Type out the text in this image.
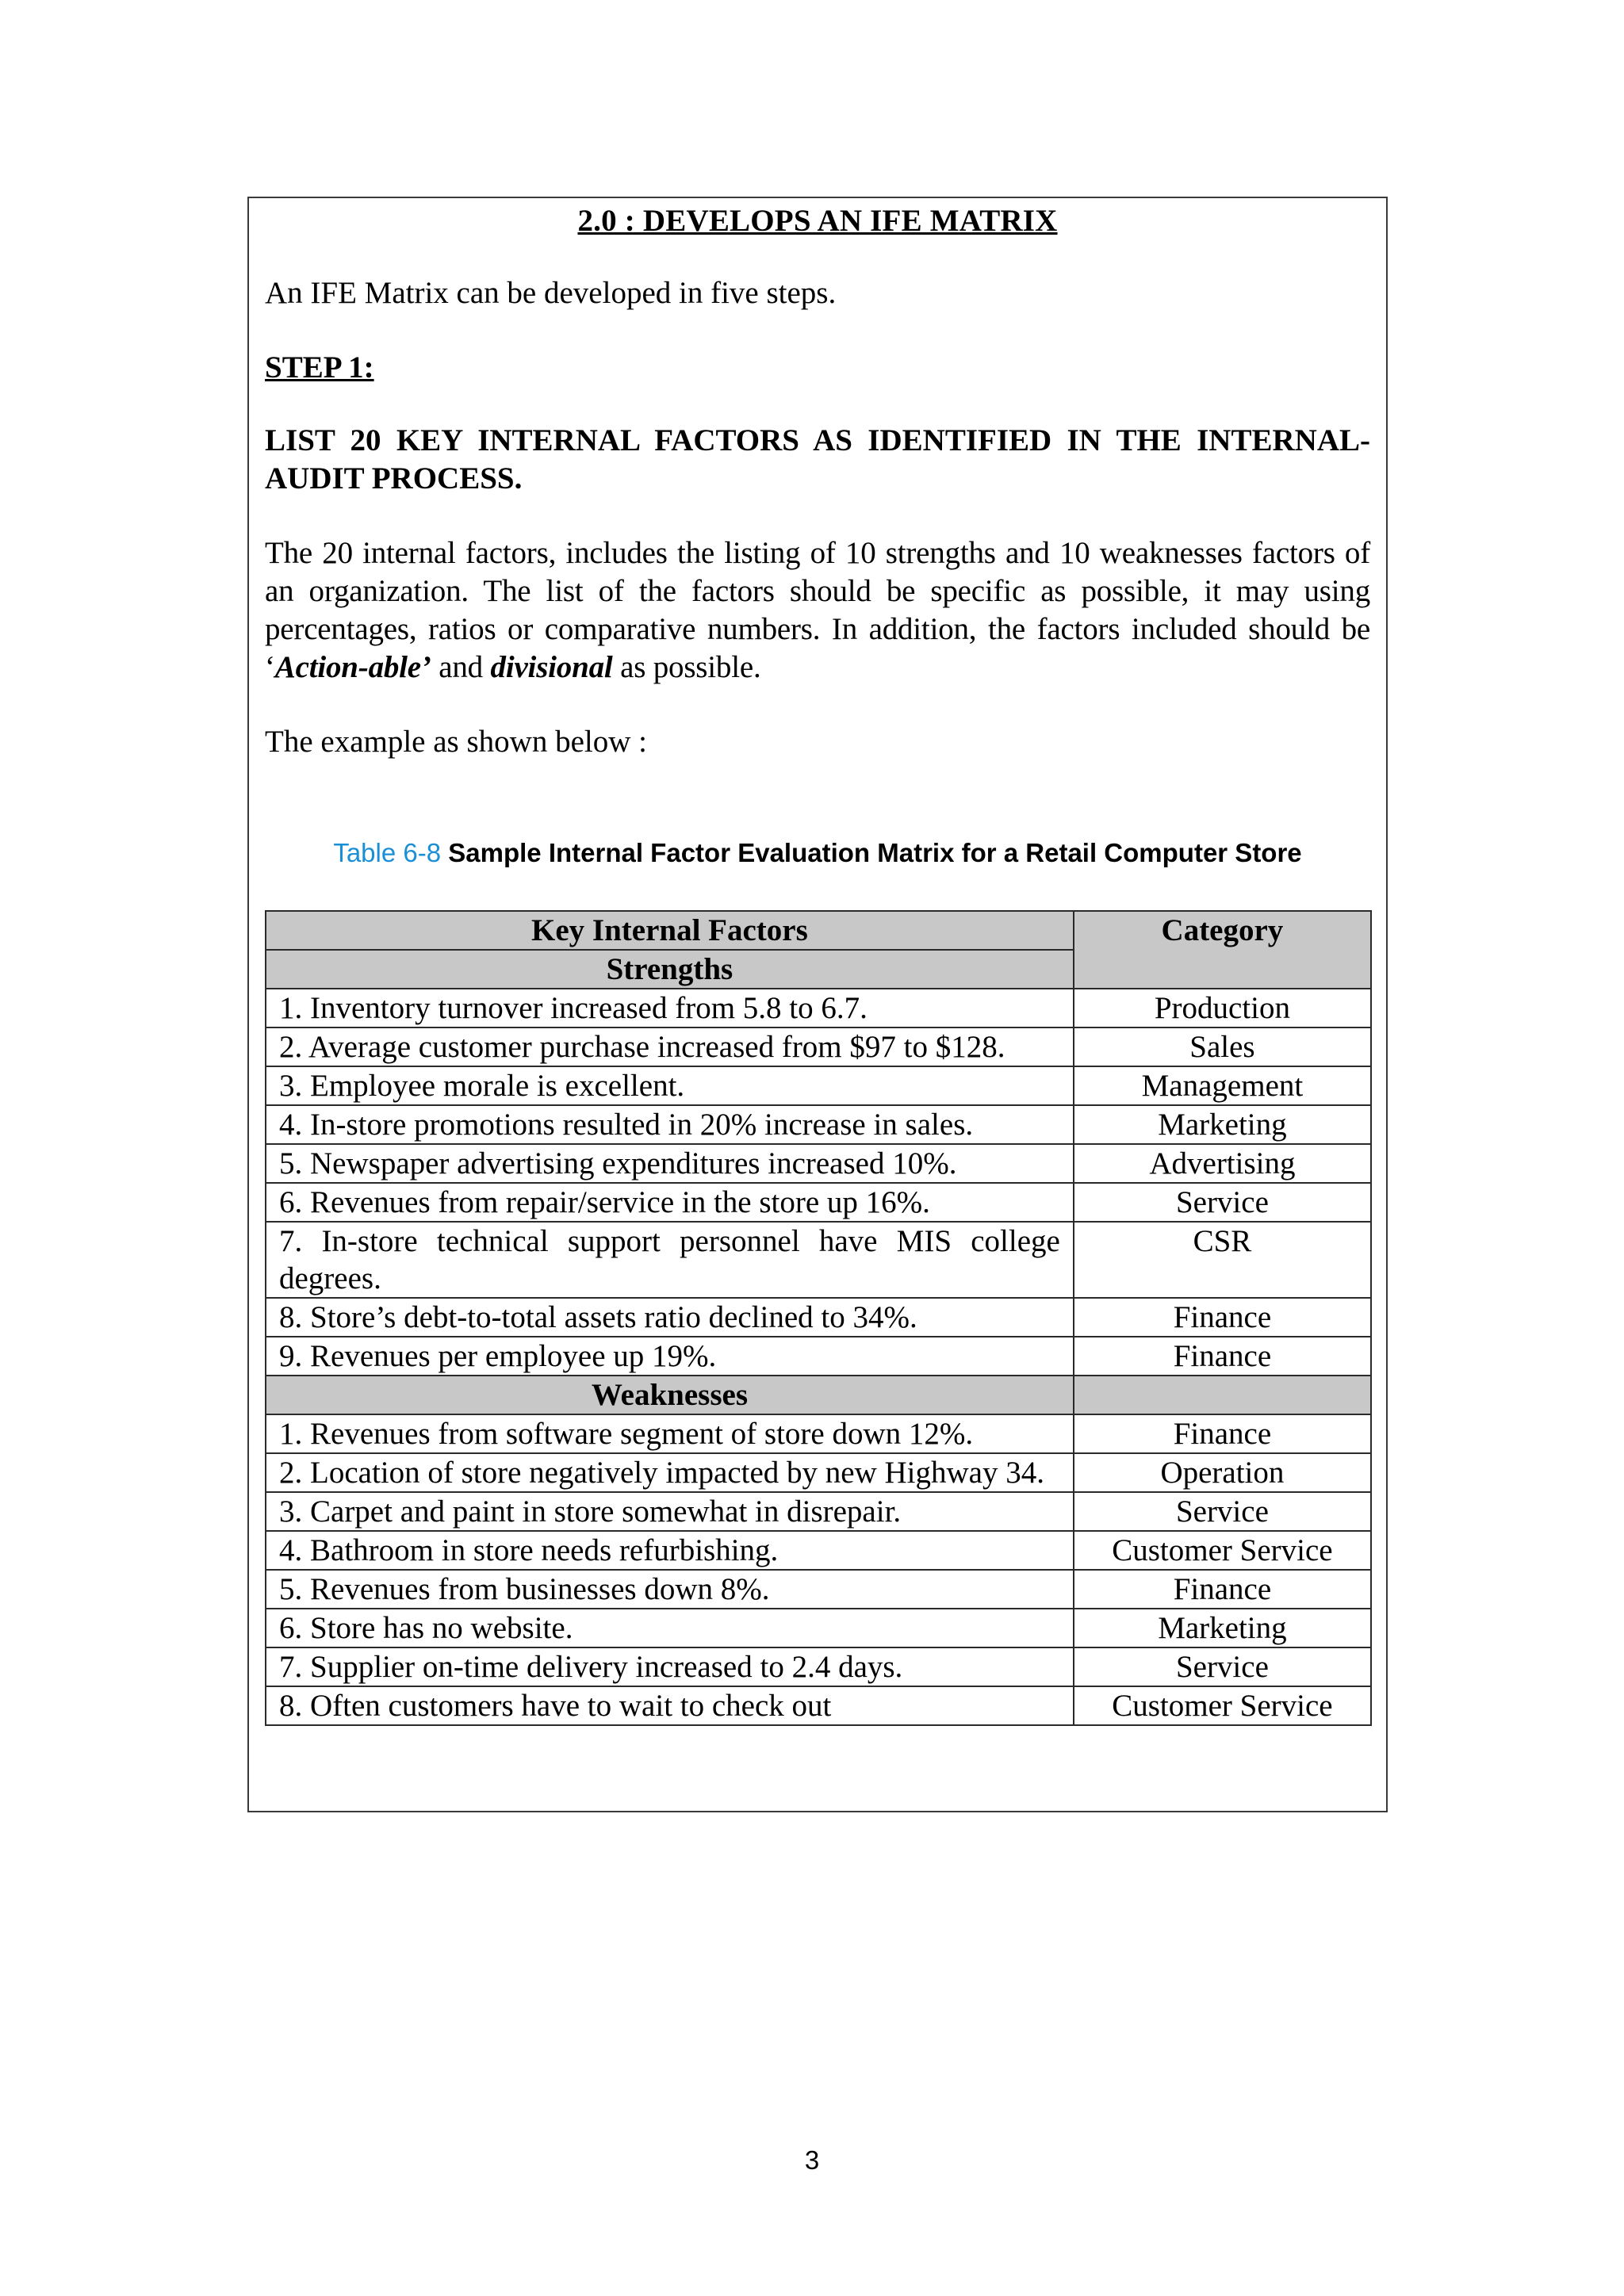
2.0 : DEVELOPS AN IFE MATRIX

An IFE Matrix can be developed in five steps.

STEP 1:
LIST 20 KEY INTERNAL FACTORS AS IDENTIFIED IN THE INTERNAL-AUDIT PROCESS.

The 20 internal factors, includes the listing of 10 strengths and 10 weaknesses factors of an organization. The list of the factors should be specific as possible, it may using percentages, ratios or comparative numbers. In addition, the factors included should be ‘Action-able’ and divisional as possible.

The example as shown below :

Table 6-8 Sample Internal Factor Evaluation Matrix for a Retail Computer Store
Key Internal Factors	Category
Strengths	
1. Inventory turnover increased from 5.8 to 6.7.	Production
2. Average customer purchase increased from $97 to $128.	Sales
3. Employee morale is excellent.	Management
4. In-store promotions resulted in 20% increase in sales.	Marketing
5. Newspaper advertising expenditures increased 10%.	Advertising
6. Revenues from repair/service in the store up 16%.	Service
7. In-store technical support personnel have MIS college degrees.	CSR
8. Store’s debt-to-total assets ratio declined to 34%.	Finance
9. Revenues per employee up 19%.	Finance
Weaknesses	
1. Revenues from software segment of store down 12%.	Finance
2. Location of store negatively impacted by new Highway 34.	Operation
3. Carpet and paint in store somewhat in disrepair.	Service
4. Bathroom in store needs refurbishing.	Customer Service
5. Revenues from businesses down 8%.	Finance
6. Store has no website.	Marketing
7. Supplier on-time delivery increased to 2.4 days.	Service
8. Often customers have to wait to check out	Customer Service
3
